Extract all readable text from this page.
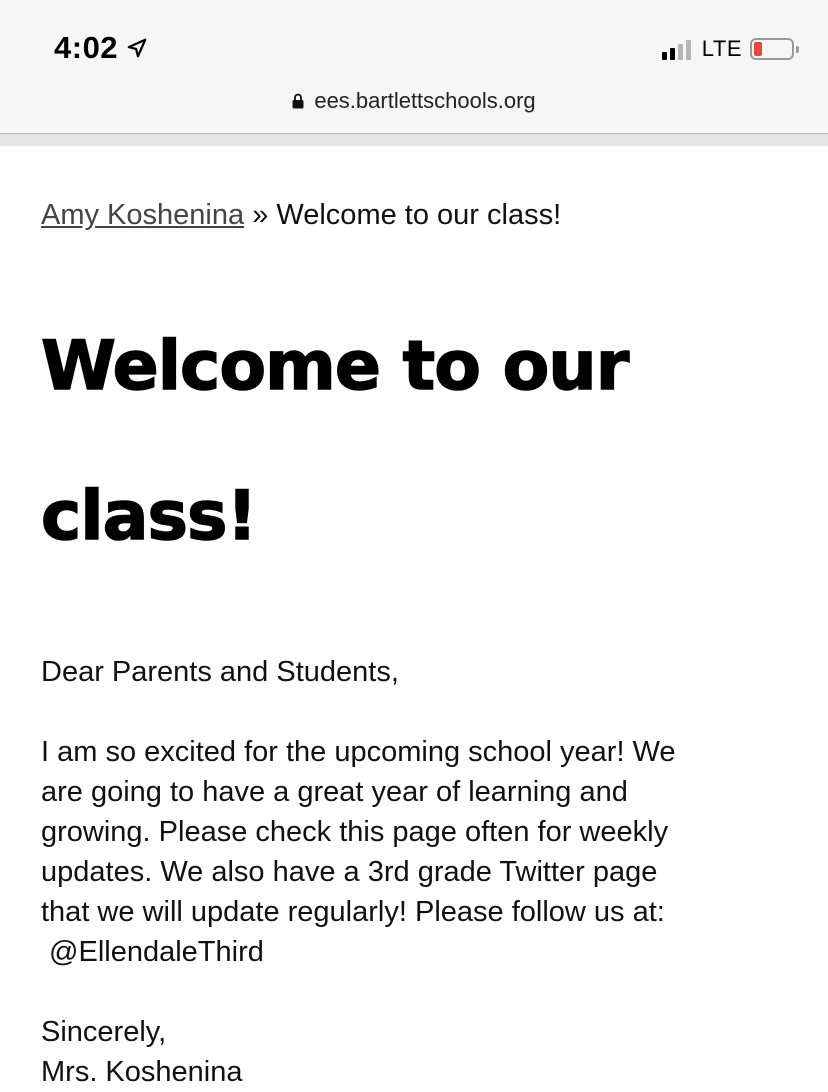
4:02	LTE
ees.bartlettschools.org
Amy Koshenina » Welcome to our class!
Welcome to our
class!

Dear Parents and Students,

I am so excited for the upcoming school year! We

are going to have a great year of learning and

growing. Please check this page often for weekly

updates. We also have a 3rd grade Twitter page

that we will update regularly! Please follow us at:

@EllendaleThird

Sincerely,

Mrs. Koshenina
